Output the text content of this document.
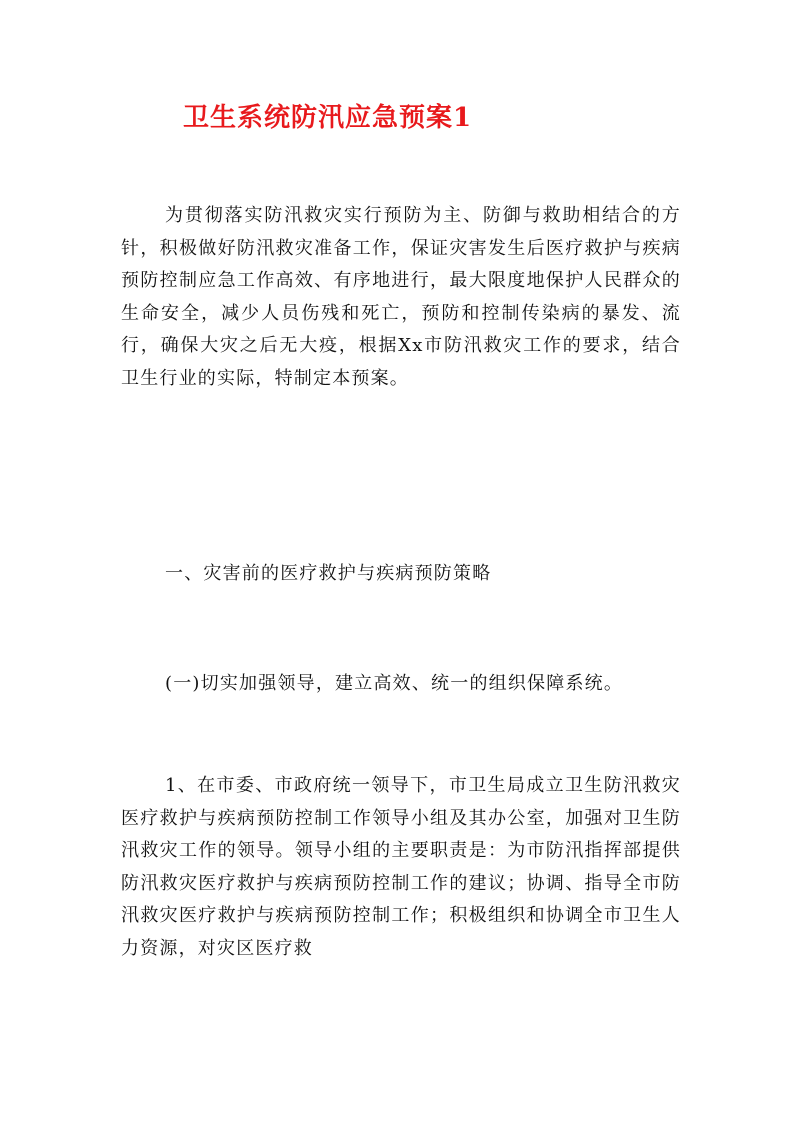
卫生系统防汛应急预案1

为贯彻落实防汛救灾实行预防为主、防御与救助相结合的方针，积极做好防汛救灾准备工作，保证灾害发生后医疗救护与疾病预防控制应急工作高效、有序地进行，最大限度地保护人民群众的生命安全，减少人员伤残和死亡，预防和控制传染病的暴发、流行，确保大灾之后无大疫，根据Xx市防汛救灾工作的要求，结合卫生行业的实际，特制定本预案。

一、灾害前的医疗救护与疾病预防策略

(一)切实加强领导，建立高效、统一的组织保障系统。

1、在市委、市政府统一领导下，市卫生局成立卫生防汛救灾医疗救护与疾病预防控制工作领导小组及其办公室，加强对卫生防汛救灾工作的领导。领导小组的主要职责是：为市防汛指挥部提供防汛救灾医疗救护与疾病预防控制工作的建议；协调、指导全市防汛救灾医疗救护与疾病预防控制工作；积极组织和协调全市卫生人力资源，对灾区医疗救
